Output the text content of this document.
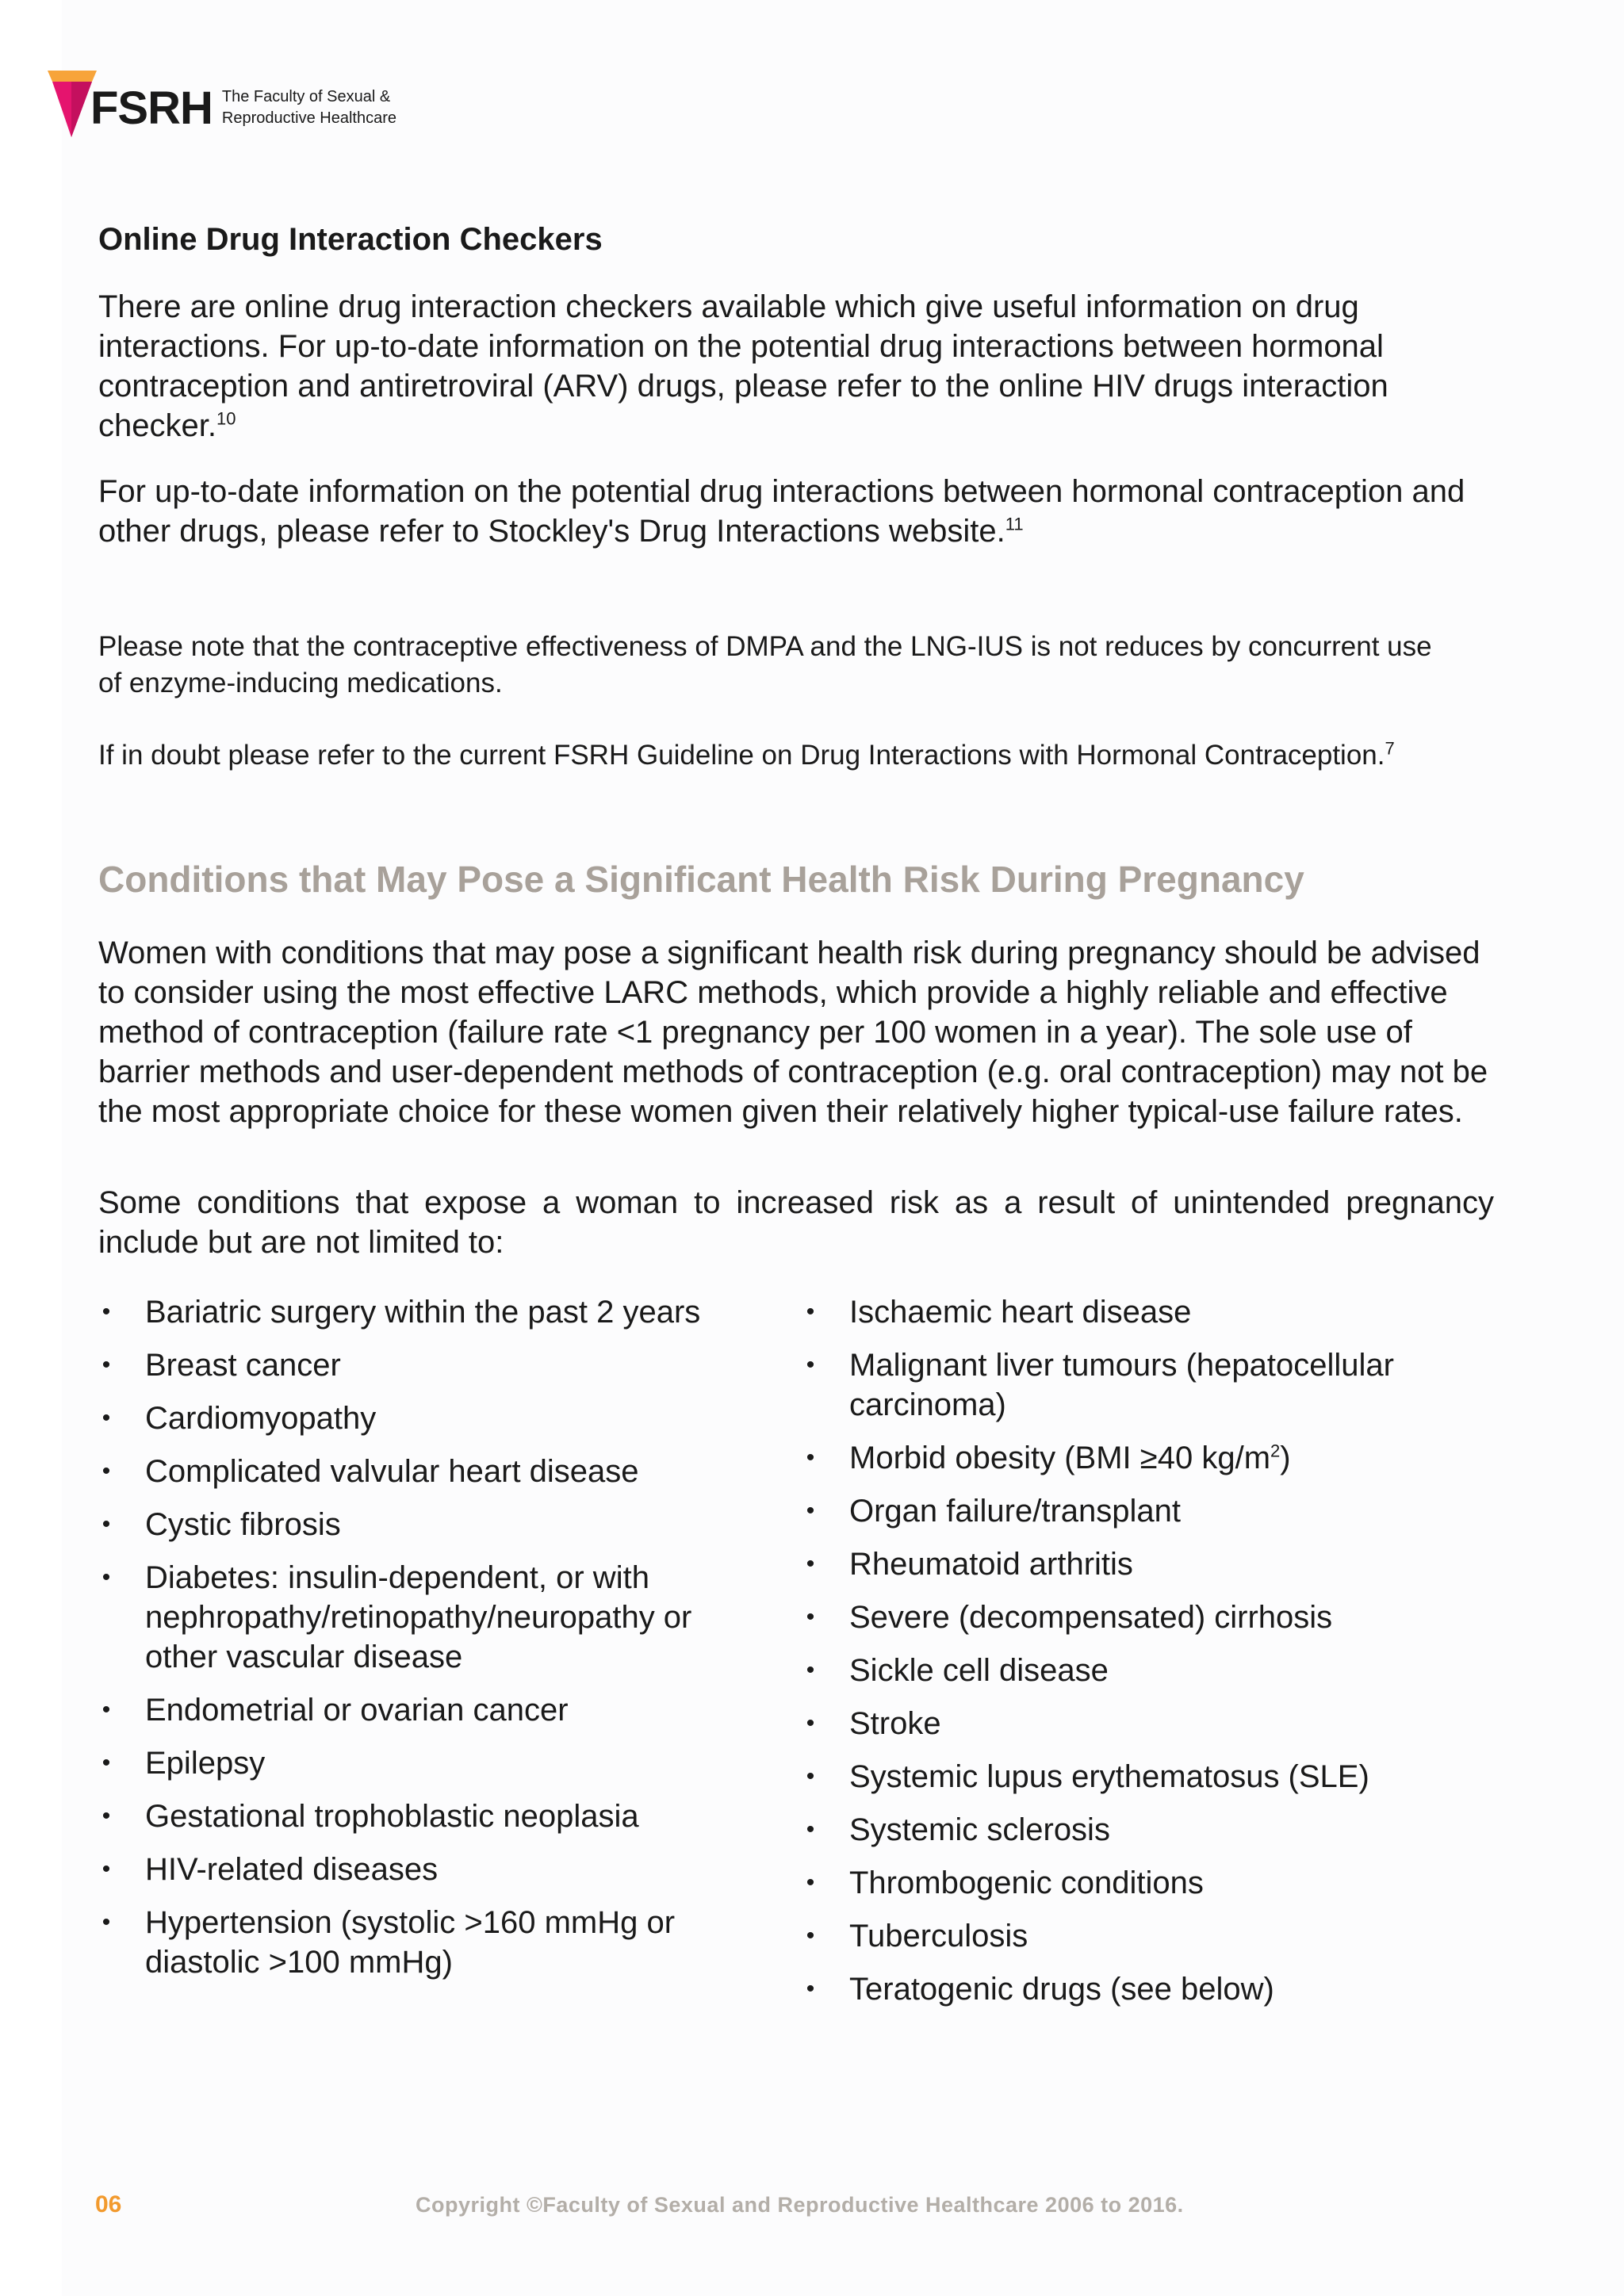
FSRH The Faculty of Sexual &
Reproductive Healthcare
Online Drug Interaction Checkers

There are online drug interaction checkers available which give useful information on drug interactions. For up-to-date information on the potential drug interactions between hormonal contraception and antiretroviral (ARV) drugs, please refer to the online HIV drugs interaction checker.$^{10}$

For up-to-date information on the potential drug interactions between hormonal contraception and other drugs, please refer to Stockley's Drug Interactions website.$^{11}$

Please note that the contraceptive effectiveness of DMPA and the LNG-IUS is not reduces by concurrent use of enzyme-inducing medications.

If in doubt please refer to the current FSRH Guideline on Drug Interactions with Hormonal Contraception.$^7$

Conditions that May Pose a Significant Health Risk During Pregnancy

Women with conditions that may pose a significant health risk during pregnancy should be advised to consider using the most effective LARC methods, which provide a highly reliable and effective method of contraception (failure rate <1 pregnancy per 100 women in a year). The sole use of barrier methods and user-dependent methods of contraception (e.g. oral contraception) may not be the most appropriate choice for these women given their relatively higher typical-use failure rates.

Some conditions that expose a woman to increased risk as a result of unintended pregnancy include but are not limited to:

• Bariatric surgery within the past 2 years
• Breast cancer
• Cardiomyopathy
• Complicated valvular heart disease
• Cystic fibrosis
• Diabetes: insulin-dependent, or with nephropathy/retinopathy/neuropathy or other vascular disease
• Endometrial or ovarian cancer
• Epilepsy
• Gestational trophoblastic neoplasia
• HIV-related diseases
• Hypertension (systolic >160 mmHg or diastolic >100 mmHg)
• Ischaemic heart disease
• Malignant liver tumours (hepatocellular carcinoma)
• Morbid obesity (BMI ≥40 $kg/m^2$)
• Organ failure/transplant
• Rheumatoid arthritis
• Severe (decompensated) cirrhosis
• Sickle cell disease
• Stroke
• Systemic lupus erythematosus (SLE)
• Systemic sclerosis
• Thrombogenic conditions
• Tuberculosis
• Teratogenic drugs (see below)
06	Copyright ©Faculty of Sexual and Reproductive Healthcare 2006 to 2016.
